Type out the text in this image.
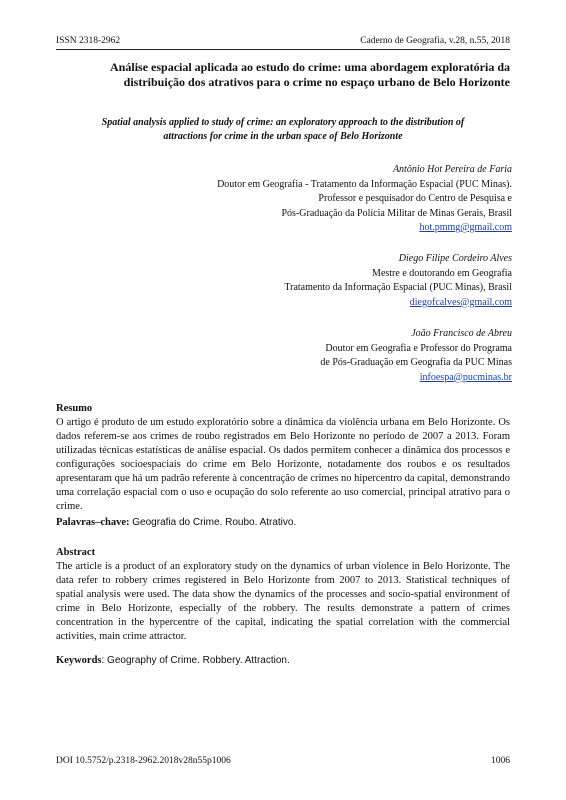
ISSN 2318-2962	Caderno de Geografia, v.28, n.55, 2018
Análise espacial aplicada ao estudo do crime: uma abordagem exploratória da
distribuição dos atrativos para o crime no espaço urbano de Belo Horizonte
Spatial analysis applied to study of crime: an exploratory approach to the distribution of
attractions for crime in the urban space of Belo Horizonte
Antônio Hot Pereira de Faria
Doutor em Geografia - Tratamento da Informação Espacial (PUC Minas).
Professor e pesquisador do Centro de Pesquisa e
Pós-Graduação da Polícia Militar de Minas Gerais, Brasil
hot.pmmg@gmail.com
Diego Filipe Cordeiro Alves
Mestre e doutorando em Geografia
Tratamento da Informação Espacial (PUC Minas), Brasil
diegofcalves@gmail.com
João Francisco de Abreu
Doutor em Geografia e Professor do Programa
de Pós-Graduação em Geografia da PUC Minas
infoespa@pucminas.br
Resumo

O artigo é produto de um estudo exploratório sobre a dinâmica da violência urbana em Belo Horizonte. Os dados referem-se aos crimes de roubo registrados em Belo Horizonte no período de 2007 a 2013. Foram utilizadas técnicas estatísticas de análise espacial. Os dados permitem conhecer a dinâmica dos processos e configurações socioespaciais do crime em Belo Horizonte, notadamente dos roubos e os resultados apresentaram que há um padrão referente à concentração de crimes no hipercentro da capital, demonstrando uma correlação espacial com o uso e ocupação do solo referente ao uso comercial, principal atrativo para o crime.

Palavras–chave: Geografia do Crime. Roubo. Atrativo.

Abstract

The article is a product of an exploratory study on the dynamics of urban violence in Belo Horizonte. The data refer to robbery crimes registered in Belo Horizonte from 2007 to 2013. Statistical techniques of spatial analysis were used. The data show the dynamics of the processes and socio-spatial environment of crime in Belo Horizonte, especially of the robbery. The results demonstrate a pattern of crimes concentration in the hypercentre of the capital, indicating the spatial correlation with the commercial activities, main crime attractor.

Keywords: Geography of Crime. Robbery. Attraction.

DOI 10.5752/p.2318-2962.2018v28n55p1006	1006
